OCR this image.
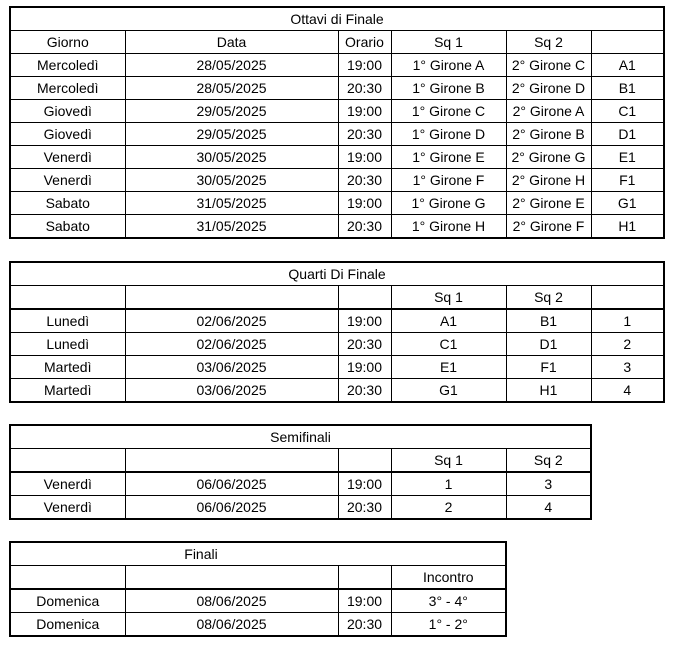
Ottavi di Finale					
Giorno	Data	Orario	Sq 1	Sq 2	
Mercoledì	28/05/2025	19:00	1° Girone A	2° Girone C	A1
Mercoledì	28/05/2025	20:30	1° Girone B	2° Girone D	B1
Giovedì	29/05/2025	19:00	1° Girone C	2° Girone A	C1
Giovedì	29/05/2025	20:30	1° Girone D	2° Girone B	D1
Venerdì	30/05/2025	19:00	1° Girone E	2° Girone G	E1
Venerdì	30/05/2025	20:30	1° Girone F	2° Girone H	F1
Sabato	31/05/2025	19:00	1° Girone G	2° Girone E	G1
Sabato	31/05/2025	20:30	1° Girone H	2° Girone F	H1
Quarti Di Finale					
			Sq 1	Sq 2	
Lunedì	02/06/2025	19:00	A1	B1	1
Lunedì	02/06/2025	20:30	C1	D1	2
Martedì	03/06/2025	19:00	E1	F1	3
Martedì	03/06/2025	20:30	G1	H1	4
Semifinali				
			Sq 1	Sq 2
Venerdì	06/06/2025	19:00	1	3
Venerdì	06/06/2025	20:30	2	4
Finali			
			Incontro
Domenica	08/06/2025	19:00	3° - 4°
Domenica	08/06/2025	20:30	1° - 2°
